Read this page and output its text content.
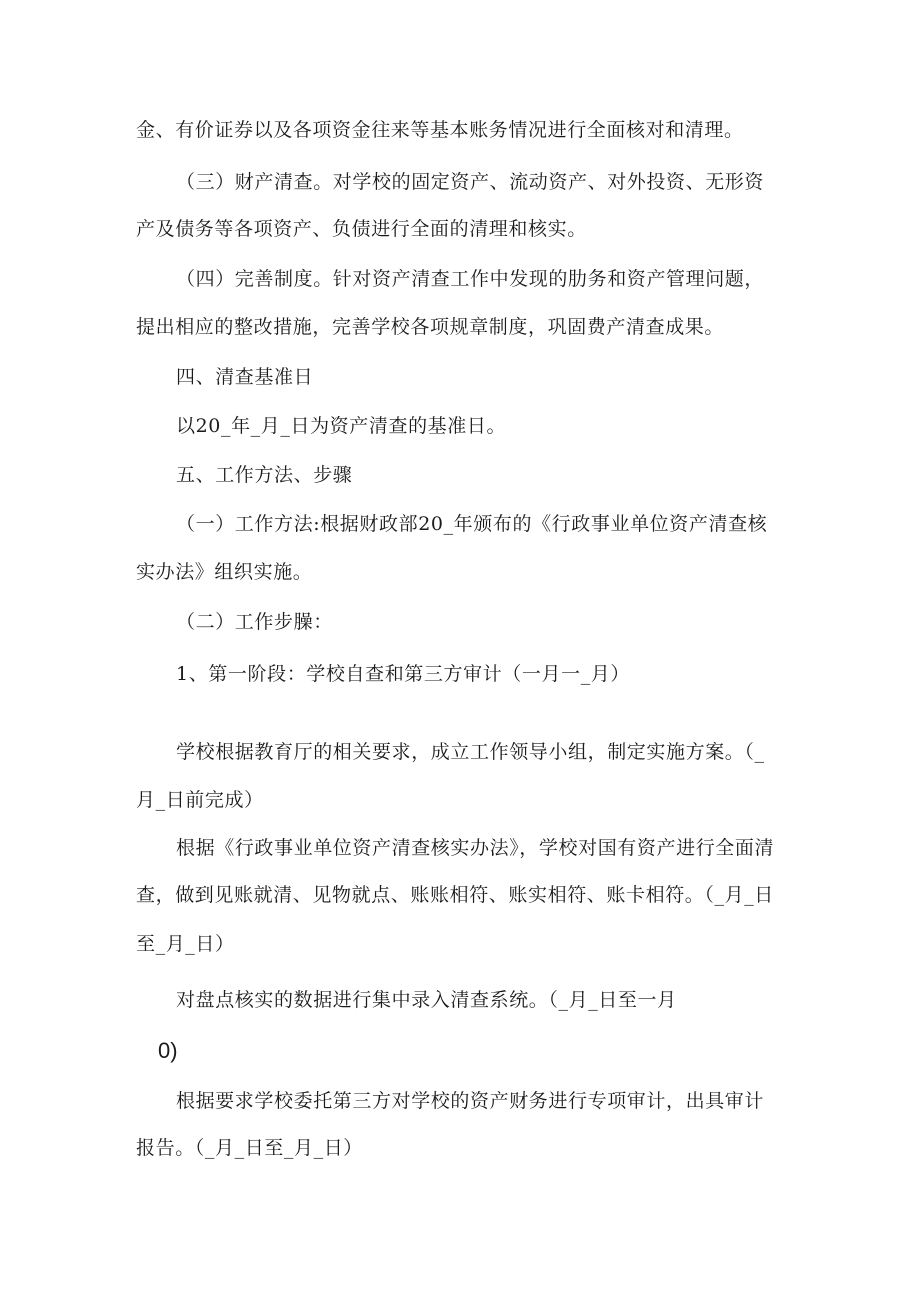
金、有价证券以及各项资金往来等基本账务情况进行全面核对和清理。
（三）财产清查。对学校的固定资产、流动资产、对外投资、无形资
产及债务等各项资产、负债进行全面的清理和核实。
（四）完善制度。针对资产清查工作中发现的肋务和资产管理问题，
提出相应的整改措施，完善学校各项规章制度，巩固费产清查成果。
四、清查基准日
以20_年_月_日为资产清查的基准日。
五、工作方法、步骤
（一）工作方法:根据财政部20_年颁布的《行政事业单位资产清查核
实办法》组织实施。
（二）工作步臊：
1、第一阶段：学校自查和第三方审计（一月一_月）
学校根据教育厅的相关要求，成立工作领导小组，制定实施方案。（_
月_日前完成）
根据《行政事业单位资产清查核实办法》，学校对国有资产进行全面清
查，做到见账就清、见物就点、账账相符、账实相符、账卡相符。（_月_日
至_月_日）
对盘点核实的数据进行集中录入清查系统。（_月_日至一月
0)
根据要求学校委托第三方对学校的资产财务进行专项审计，出具审计
报告。（_月_日至_月_日）
